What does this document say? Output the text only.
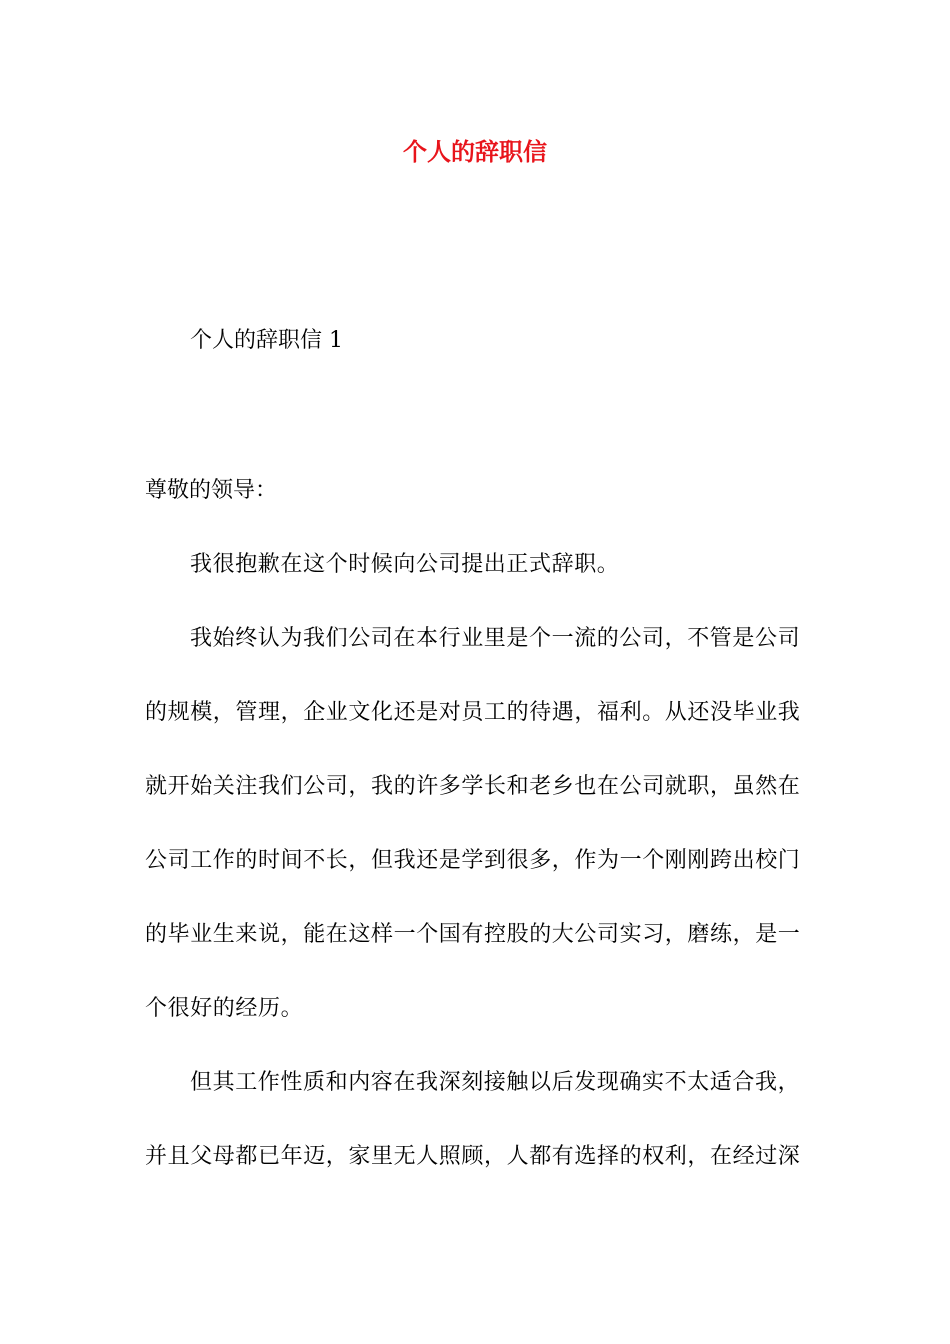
个人的辞职信

个人的辞职信 1

尊敬的领导：

我很抱歉在这个时候向公司提出正式辞职。

我始终认为我们公司在本行业里是个一流的公司，不管是公司

的规模，管理，企业文化还是对员工的待遇，福利。从还没毕业我

就开始关注我们公司，我的许多学长和老乡也在公司就职，虽然在

公司工作的时间不长，但我还是学到很多，作为一个刚刚跨出校门

的毕业生来说，能在这样一个国有控股的大公司实习，磨练，是一

个很好的经历。

但其工作性质和内容在我深刻接触以后发现确实不太适合我，

并且父母都已年迈，家里无人照顾，人都有选择的权利，在经过深
